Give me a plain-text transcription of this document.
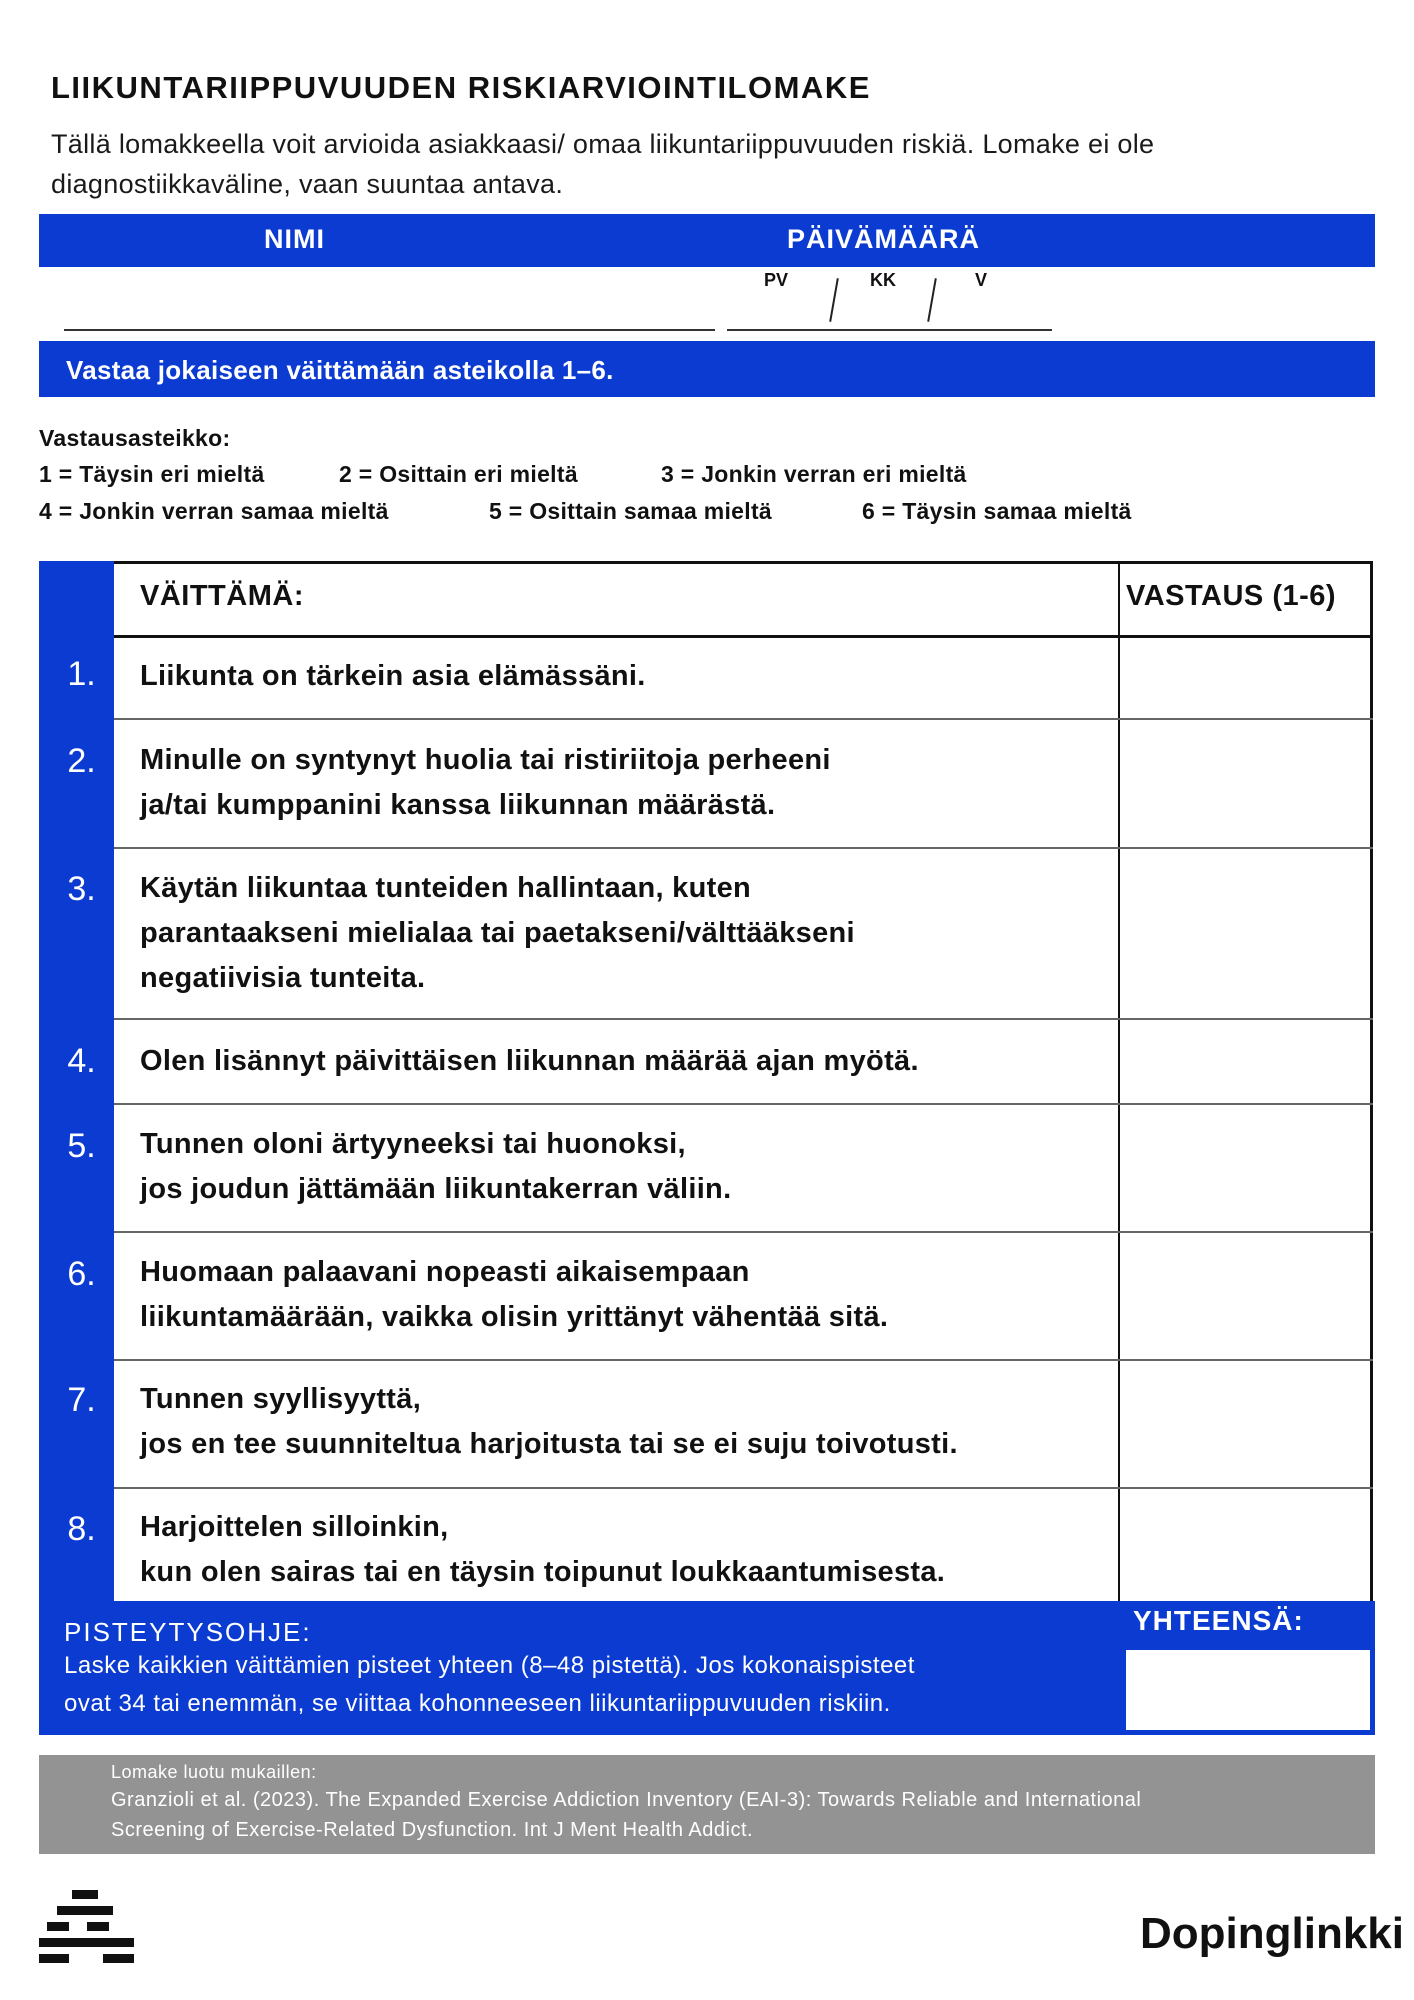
LIIKUNTARIIPPUVUUDEN RISKIARVIOINTILOMAKE
Tällä lomakkeella voit arvioida asiakkaasi/ omaa liikuntariippuvuuden riskiä. Lomake ei ole diagnostiikkaväline, vaan suuntaa antava.
NIMI	PÄIVÄMÄÄRÄ
PV	KK	V
Vastaa jokaiseen väittämään asteikolla 1–6.
Vastausasteikko:
1 = Täysin eri mieltä	2 = Osittain eri mieltä	3 = Jonkin verran eri mieltä
4 = Jonkin verran samaa mieltä	5 = Osittain samaa mieltä	6 = Täysin samaa mieltä
VÄITTÄMÄ:	VASTAUS (1-6)
1.	Liikunta on tärkein asia elämässäni.
2.	Minulle on syntynyt huolia tai ristiriitoja perheeni
ja/tai kumppanini kanssa liikunnan määrästä.
3.	Käytän liikuntaa tunteiden hallintaan, kuten
parantaakseni mielialaa tai paetakseni/välttääkseni
negatiivisia tunteita.
4.	Olen lisännyt päivittäisen liikunnan määrää ajan myötä.
5.	Tunnen oloni ärtyyneeksi tai huonoksi,
jos joudun jättämään liikuntakerran väliin.
6.	Huomaan palaavani nopeasti aikaisempaan
liikuntamäärään, vaikka olisin yrittänyt vähentää sitä.
7.	Tunnen syyllisyyttä,
jos en tee suunniteltua harjoitusta tai se ei suju toivotusti.
8.	Harjoittelen silloinkin,
kun olen sairas tai en täysin toipunut loukkaantumisesta.
PISTEYTYSOHJE:
Laske kaikkien väittämien pisteet yhteen (8–48 pistettä). Jos kokonaispisteet
ovat 34 tai enemmän, se viittaa kohonneeseen liikuntariippuvuuden riskiin.
YHTEENSÄ:
Lomake luotu mukaillen:
Granzioli et al. (2023). The Expanded Exercise Addiction Inventory (EAI-3): Towards Reliable and International
Screening of Exercise-Related Dysfunction. Int J Ment Health Addict.
Dopinglinkki
